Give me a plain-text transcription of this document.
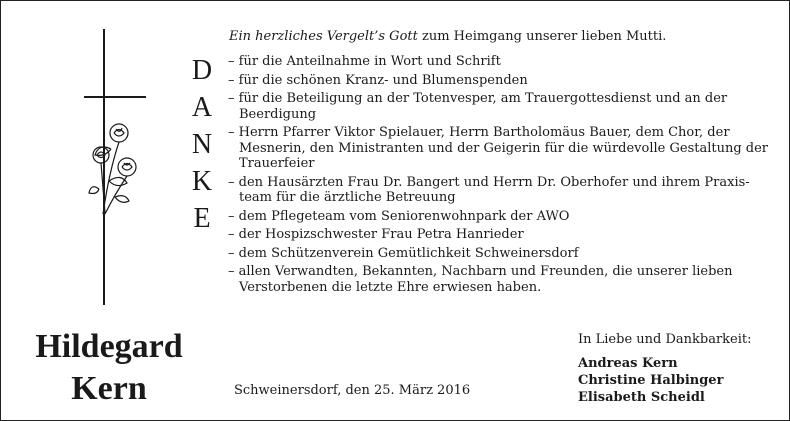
D
A
N
K
E
Ein herzliches Vergelt’s Gott zum Heimgang unserer lieben Mutti.
– für die Anteilnahme in Wort und Schrift
– für die schönen Kranz- und Blumenspenden
– für die Beteiligung an der Totenvesper, am Trauergottesdienst und an der Beerdigung
– Herrn Pfarrer Viktor Spielauer, Herrn Bartholomäus Bauer, dem Chor, der Mesnerin, den Ministranten und der Geigerin für die würdevolle Gestaltung der Trauerfeier
– den Hausärzten Frau Dr. Bangert und Herrn Dr. Oberhofer und ihrem Praxis-team für die ärztliche Betreuung
– dem Pflegeteam vom Seniorenwohnpark der AWO
– der Hospizschwester Frau Petra Hanrieder
– dem Schützenverein Gemütlichkeit Schweinersdorf
– allen Verwandten, Bekannten, Nachbarn und Freunden, die unserer lieben Verstorbenen die letzte Ehre erwiesen haben.
Hildegard
Kern	Schweinersdorf, den 25. März 2016
In Liebe und Dankbarkeit:
Andreas Kern
Christine Halbinger
Elisabeth Scheidl
